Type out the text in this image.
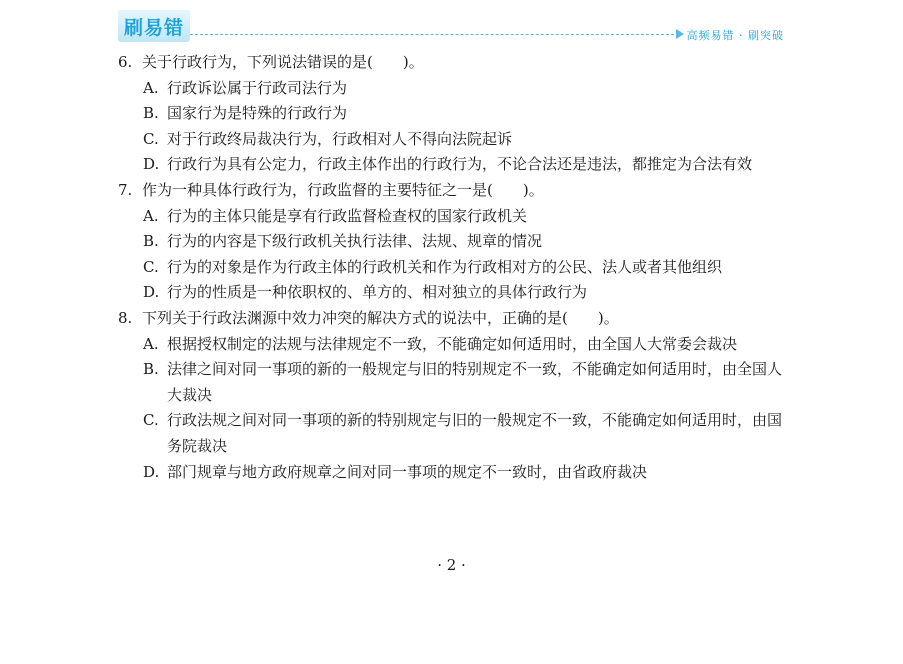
刷易错	高频易错 · 刷突破
6. 关于行政行为，下列说法错误的是(　　)。
A. 行政诉讼属于行政司法行为
B. 国家行为是特殊的行政行为
C. 对于行政终局裁决行为，行政相对人不得向法院起诉
D. 行政行为具有公定力，行政主体作出的行政行为，不论合法还是违法，都推定为合法有效
7. 作为一种具体行政行为，行政监督的主要特征之一是(　　)。
A. 行为的主体只能是享有行政监督检查权的国家行政机关
B. 行为的内容是下级行政机关执行法律、法规、规章的情况
C. 行为的对象是作为行政主体的行政机关和作为行政相对方的公民、法人或者其他组织
D. 行为的性质是一种依职权的、单方的、相对独立的具体行政行为
8. 下列关于行政法渊源中效力冲突的解决方式的说法中，正确的是(　　)。
A. 根据授权制定的法规与法律规定不一致，不能确定如何适用时，由全国人大常委会裁决
B. 法律之间对同一事项的新的一般规定与旧的特别规定不一致，不能确定如何适用时，由全国人大裁决
C. 行政法规之间对同一事项的新的特别规定与旧的一般规定不一致，不能确定如何适用时，由国务院裁决
D. 部门规章与地方政府规章之间对同一事项的规定不一致时，由省政府裁决
· 2 ·
